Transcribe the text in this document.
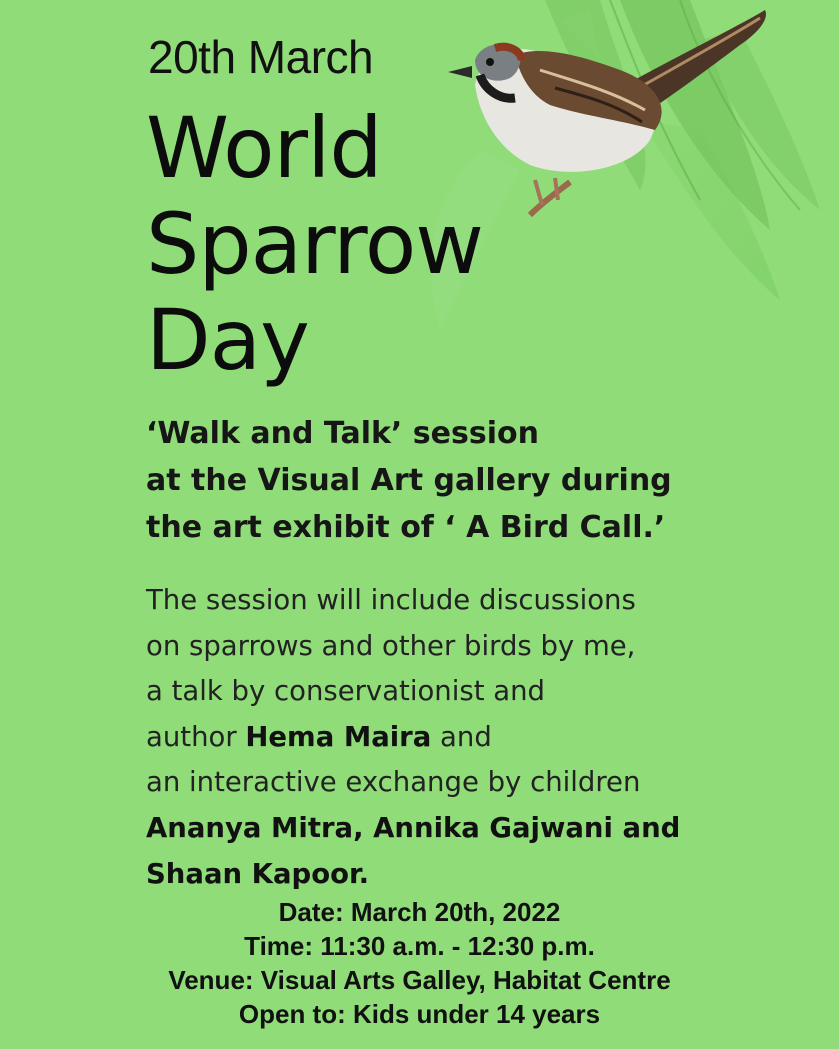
20th March
World
Sparrow
Day
‘Walk and Talk’ session
at the Visual Art gallery during
the art exhibit of ‘ A Bird Call.’
The session will include discussions
on sparrows and other birds by me,
a talk by conservationist and
author Hema Maira and
an interactive exchange by children
Ananya Mitra, Annika Gajwani and
Shaan Kapoor.
Date: March 20th, 2022
Time: 11:30 a.m. - 12:30 p.m.
Venue: Visual Arts Galley, Habitat Centre
Open to: Kids under 14 years
